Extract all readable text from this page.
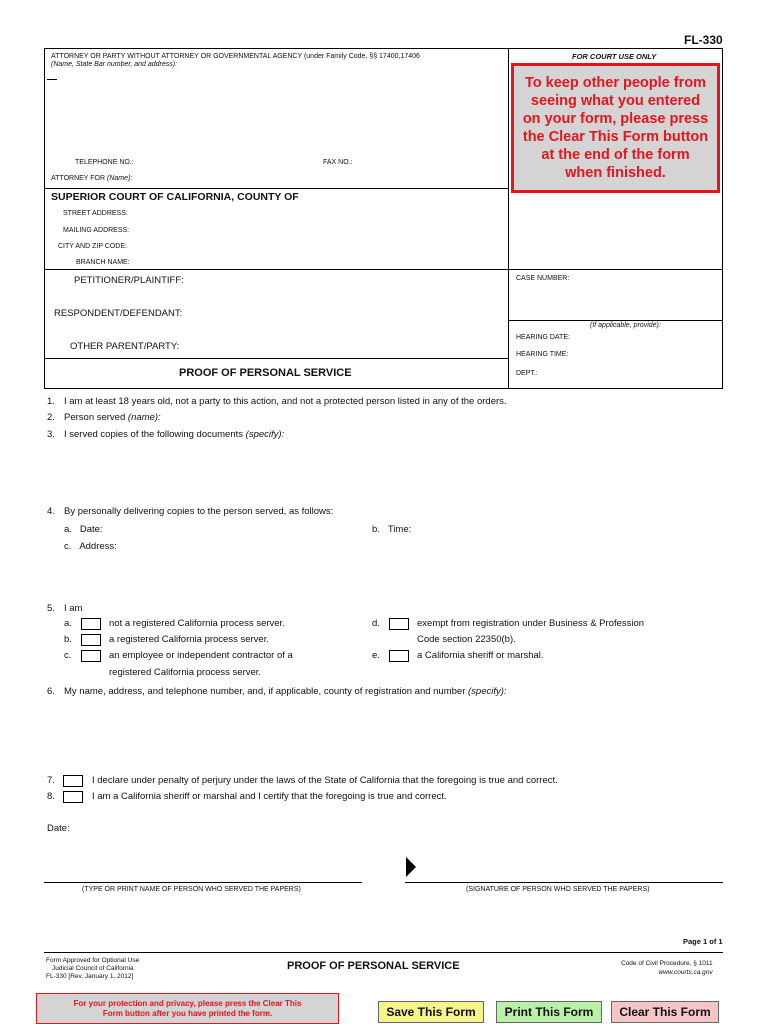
FL-330
ATTORNEY OR PARTY WITHOUT ATTORNEY OR GOVERNMENTAL AGENCY (under Family Code, §§ 17400,17406
(Name, State Bar number, and address):
TELEPHONE NO.:	FAX NO.:
ATTORNEY FOR (Name):
FOR COURT USE ONLY
To keep other people from seeing what you entered on your form, please press the Clear This Form button at the end of the form when finished.
SUPERIOR COURT OF CALIFORNIA, COUNTY OF
STREET ADDRESS:
MAILING ADDRESS:
CITY AND ZIP CODE:
BRANCH NAME:
PETITIONER/PLAINTIFF:
RESPONDENT/DEFENDANT:
OTHER PARENT/PARTY:
PROOF OF PERSONAL SERVICE
CASE NUMBER:
(If applicable, provide):
HEARING DATE:
HEARING TIME:
DEPT.:
1. I am at least 18 years old, not a party to this action, and not a protected person listed in any of the orders.
2. Person served (name):
3. I served copies of the following documents (specify):
4. By personally delivering copies to the person served, as follows:
a.   Date:	b.   Time:
c.   Address:
5. I am
a.	not a registered California process server.
b.	a registered California process server.
c.	an employee or independent contractor of a
registered California process server.
d.	exempt from registration under Business & Profession
Code section 22350(b).
e.	a California sheriff or marshal.
6. My name, address, and telephone number, and, if applicable, county of registration and number (specify):
7.	I declare under penalty of perjury under the laws of the State of California that the foregoing is true and correct.
8.	I am a California sheriff or marshal and I certify that the foregoing is true and correct.
Date:
(TYPE OR PRINT NAME OF PERSON WHO SERVED THE PAPERS)	(SIGNATURE OF PERSON WHO SERVED THE PAPERS)
Page 1 of 1
Form Approved for Optional Use
Judicial Council of California
FL-330 [Rev. January 1, 2012]
PROOF OF PERSONAL SERVICE	Code of Civil Procedure, § 1011
www.courts.ca.gov
For your protection and privacy, please press the Clear This Form button after you have printed the form.	Save This Form	Print This Form	Clear This Form
